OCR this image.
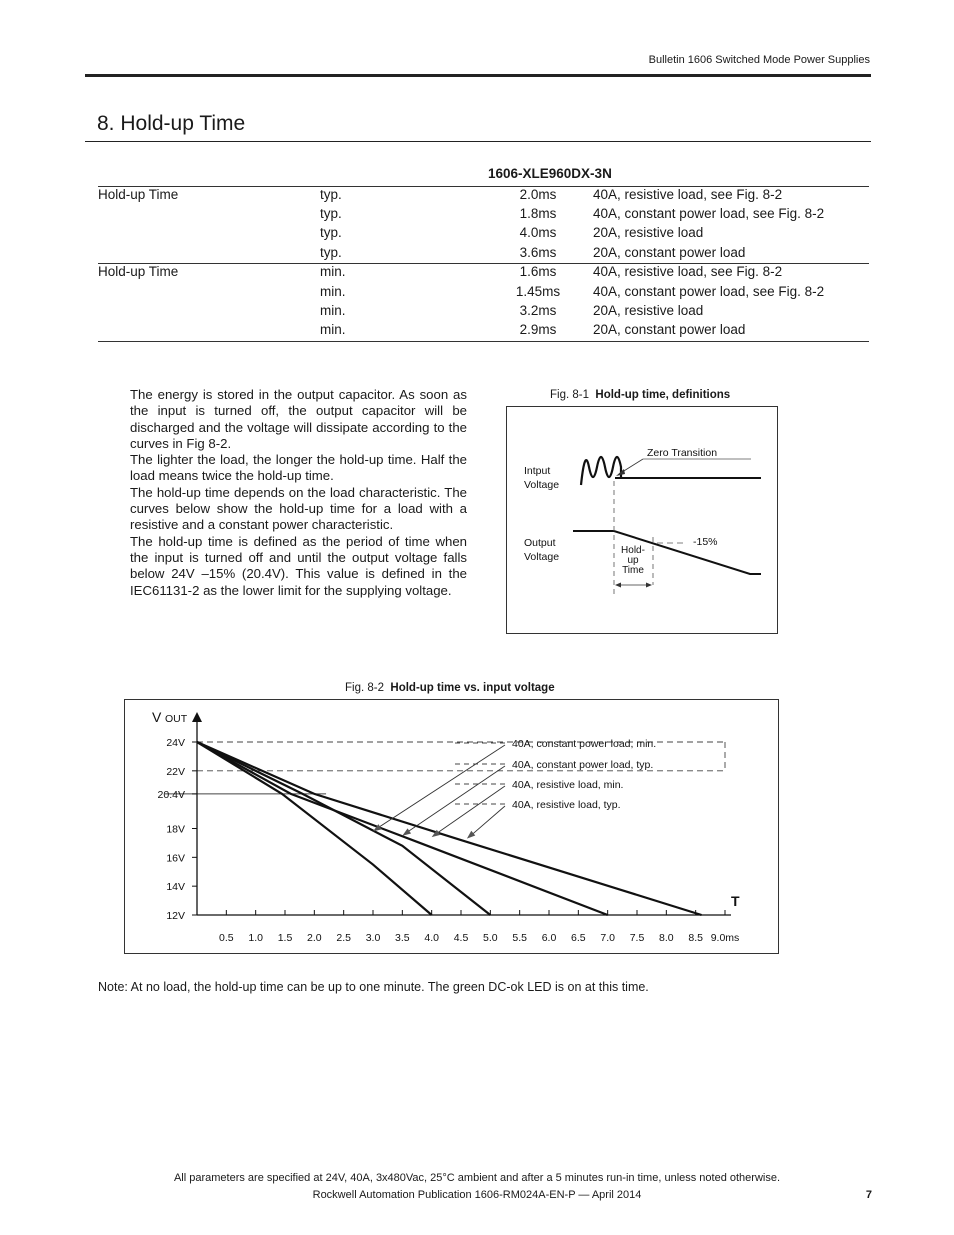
Bulletin 1606 Switched Mode Power Supplies
8. Hold-up Time
1606-XLE960DX-3N
Hold-up Time	typ.	2.0ms	40A, resistive load, see Fig. 8-2
typ.	1.8ms	40A, constant power load, see Fig. 8-2
typ.	4.0ms	20A, resistive load
typ.	3.6ms	20A, constant power load
Hold-up Time	min.	1.6ms	40A, resistive load, see Fig. 8-2
min.	1.45ms	40A, constant power load, see Fig. 8-2
min.	3.2ms	20A, resistive load
min.	2.9ms	20A, constant power load

The energy is stored in the output capacitor. As soon as the input is turned off, the output capacitor will be discharged and the voltage will dissipate according to the curves in Fig 8-2.

The lighter the load, the longer the hold-up time. Half the load means twice the hold-up time.

The hold-up time depends on the load characteristic. The curves below show the hold-up time for a load with a resistive and a constant power characteristic.

The hold-up time is defined as the period of time when the input is turned off and until the output voltage falls below 24V –15% (20.4V). This value is defined in the IEC61131-2 as the lower limit for the supplying voltage.

Fig. 8-1 Hold-up time, definitions
Zero Transition
Intput
Voltage
-15%
Output
Voltage
Hold-
up
Time
Fig. 8-2 Hold-up time vs. input voltage
V OUT
T
24V
22V
20.4V
18V
16V
14V
12V
0.5 1.0 1.5 2.0 2.5 3.0 3.5 4.0 4.5 5.0 5.5 6.0 6.5 7.0 7.5 8.0 8.5 9.0ms
40A, constant power load, min.
40A, constant power load, typ.
40A, resistive load, min.
40A, resistive load, typ.
Note: At no load, the hold-up time can be up to one minute. The green DC-ok LED is on at this time.
All parameters are specified at 24V, 40A, 3x480Vac, 25°C ambient and after a 5 minutes run-in time, unless noted otherwise.
Rockwell Automation Publication 1606-RM024A-EN-P — April 2014	7
